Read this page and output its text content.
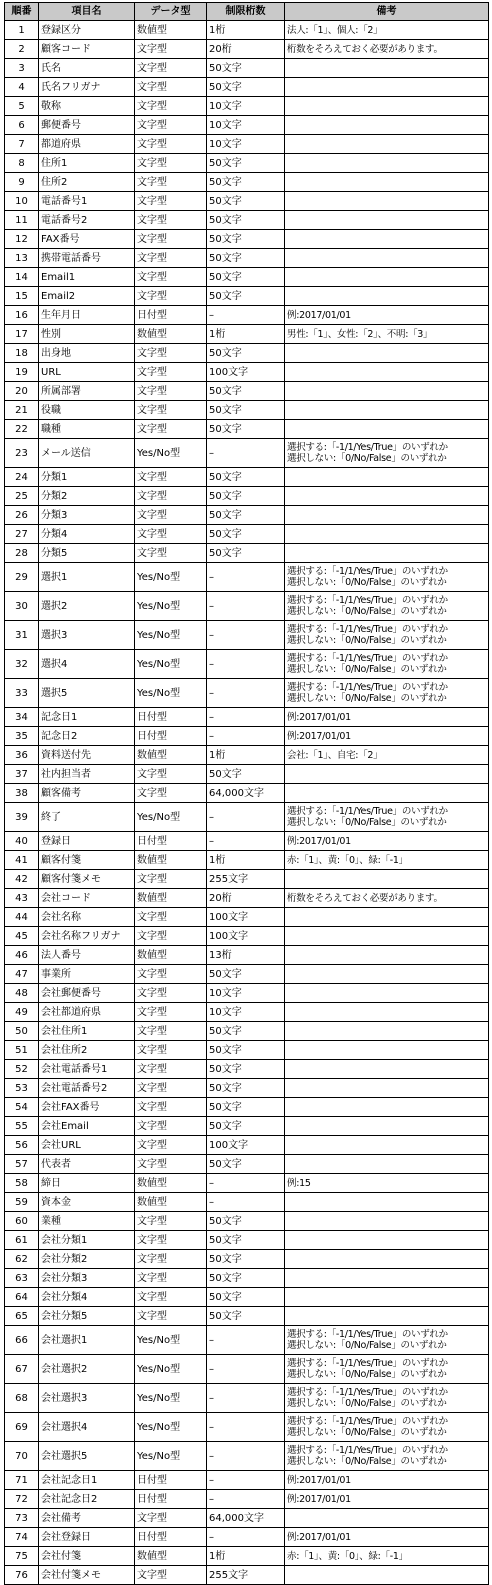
順番	項目名	データ型	制限桁数	備考
1	登録区分	数値型	1桁	法人:「1」、個人:「2」

2	顧客コード	文字型	20桁	桁数をそろえておく必要があります。

3	氏名	文字型	50文字	
4	氏名フリガナ	文字型	50文字	
5	敬称	文字型	10文字	
6	郵便番号	文字型	10文字	
7	都道府県	文字型	10文字	
8	住所1	文字型	50文字	
9	住所2	文字型	50文字	
10	電話番号1	文字型	50文字	
11	電話番号2	文字型	50文字	
12	FAX番号	文字型	50文字	
13	携帯電話番号	文字型	50文字	
14	Email1	文字型	50文字	
15	Email2	文字型	50文字	
16	生年月日	日付型	–	例:2017/01/01

17	性別	数値型	1桁	男性:「1」、女性:「2」、不明:「3」

18	出身地	文字型	50文字	
19	URL	文字型	100文字	
20	所属部署	文字型	50文字	
21	役職	文字型	50文字	
22	職種	文字型	50文字	
23	メール送信	Yes/No型	–	選択する:「-1/1/Yes/True」のいずれか
選択しない:「0/No/False」のいずれか

24	分類1	文字型	50文字	
25	分類2	文字型	50文字	
26	分類3	文字型	50文字	
27	分類4	文字型	50文字	
28	分類5	文字型	50文字	
29	選択1	Yes/No型	–	選択する:「-1/1/Yes/True」のいずれか
選択しない:「0/No/False」のいずれか

30	選択2	Yes/No型	–	選択する:「-1/1/Yes/True」のいずれか
選択しない:「0/No/False」のいずれか

31	選択3	Yes/No型	–	選択する:「-1/1/Yes/True」のいずれか
選択しない:「0/No/False」のいずれか

32	選択4	Yes/No型	–	選択する:「-1/1/Yes/True」のいずれか
選択しない:「0/No/False」のいずれか

33	選択5	Yes/No型	–	選択する:「-1/1/Yes/True」のいずれか
選択しない:「0/No/False」のいずれか

34	記念日1	日付型	–	例:2017/01/01

35	記念日2	日付型	–	例:2017/01/01

36	資料送付先	数値型	1桁	会社:「1」、自宅:「2」

37	社内担当者	文字型	50文字	
38	顧客備考	文字型	64,000文字	
39	終了	Yes/No型	–	選択する:「-1/1/Yes/True」のいずれか
選択しない:「0/No/False」のいずれか

40	登録日	日付型	–	例:2017/01/01

41	顧客付箋	数値型	1桁	赤:「1」、黄:「0」、緑:「-1」

42	顧客付箋メモ	文字型	255文字	
43	会社コード	数値型	20桁	桁数をそろえておく必要があります。

44	会社名称	文字型	100文字	
45	会社名称フリガナ	文字型	100文字	
46	法人番号	数値型	13桁	
47	事業所	文字型	50文字	
48	会社郵便番号	文字型	10文字	
49	会社都道府県	文字型	10文字	
50	会社住所1	文字型	50文字	
51	会社住所2	文字型	50文字	
52	会社電話番号1	文字型	50文字	
53	会社電話番号2	文字型	50文字	
54	会社FAX番号	文字型	50文字	
55	会社Email	文字型	50文字	
56	会社URL	文字型	100文字	
57	代表者	文字型	50文字	
58	締日	数値型	–	例:15

59	資本金	数値型	–	
60	業種	文字型	50文字	
61	会社分類1	文字型	50文字	
62	会社分類2	文字型	50文字	
63	会社分類3	文字型	50文字	
64	会社分類4	文字型	50文字	
65	会社分類5	文字型	50文字	
66	会社選択1	Yes/No型	–	選択する:「-1/1/Yes/True」のいずれか
選択しない:「0/No/False」のいずれか

67	会社選択2	Yes/No型	–	選択する:「-1/1/Yes/True」のいずれか
選択しない:「0/No/False」のいずれか

68	会社選択3	Yes/No型	–	選択する:「-1/1/Yes/True」のいずれか
選択しない:「0/No/False」のいずれか

69	会社選択4	Yes/No型	–	選択する:「-1/1/Yes/True」のいずれか
選択しない:「0/No/False」のいずれか

70	会社選択5	Yes/No型	–	選択する:「-1/1/Yes/True」のいずれか
選択しない:「0/No/False」のいずれか

71	会社記念日1	日付型	–	例:2017/01/01

72	会社記念日2	日付型	–	例:2017/01/01

73	会社備考	文字型	64,000文字	
74	会社登録日	日付型	–	例:2017/01/01

75	会社付箋	数値型	1桁	赤:「1」、黄:「0」、緑:「-1」

76	会社付箋メモ	文字型	255文字	
